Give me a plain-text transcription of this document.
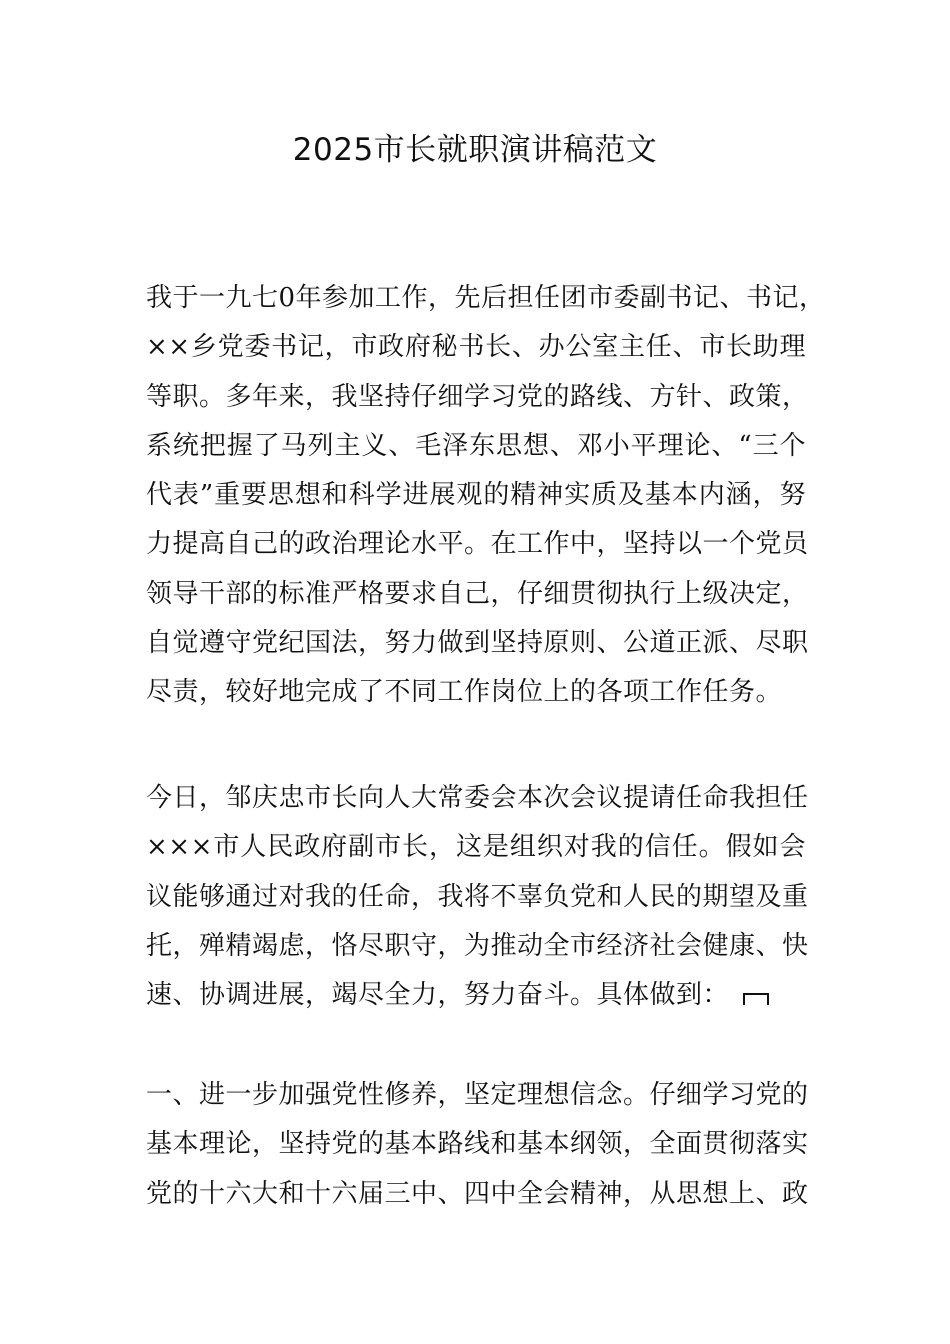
2025市长就职演讲稿范文
我于一九七0年参加工作，先后担任团市委副书记、书记，
××乡党委书记，市政府秘书长、办公室主任、市长助理
等职。多年来，我坚持仔细学习党的路线、方针、政策，
系统把握了马列主义、毛泽东思想、邓小平理论、“三个
代表”重要思想和科学进展观的精神实质及基本内涵，努
力提高自己的政治理论水平。在工作中，坚持以一个党员
领导干部的标准严格要求自己，仔细贯彻执行上级决定，
自觉遵守党纪国法，努力做到坚持原则、公道正派、尽职
尽责，较好地完成了不同工作岗位上的各项工作任务。
今日，邹庆忠市长向人大常委会本次会议提请任命我担任
×××市人民政府副市长，这是组织对我的信任。假如会
议能够通过对我的任命，我将不辜负党和人民的期望及重
托，殚精竭虑，恪尽职守，为推动全市经济社会健康、快
速、协调进展，竭尽全力，努力奋斗。具体做到：
一、进一步加强党性修养，坚定理想信念。仔细学习党的
基本理论，坚持党的基本路线和基本纲领，全面贯彻落实
党的十六大和十六届三中、四中全会精神，从思想上、政
